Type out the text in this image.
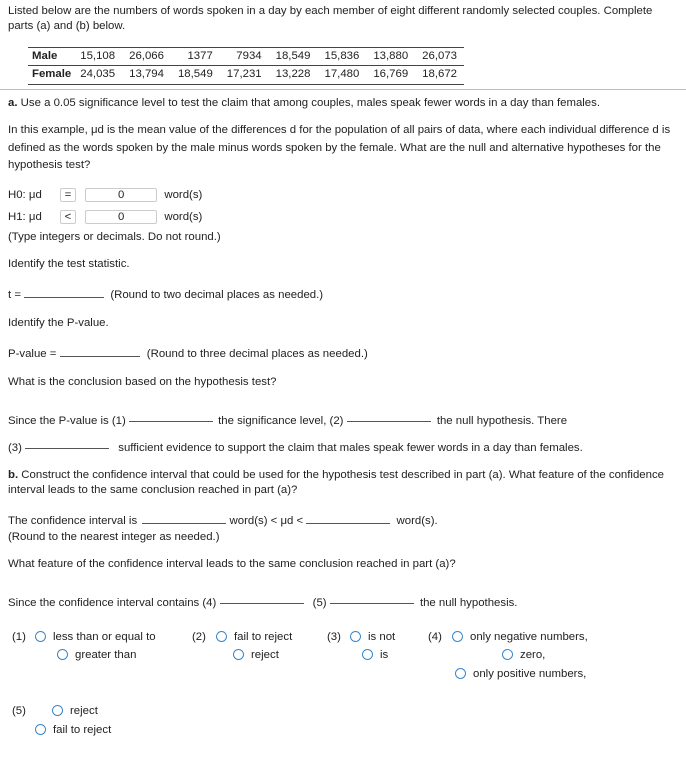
Listed below are the numbers of words spoken in a day by each member of eight different randomly selected couples. Complete parts (a) and (b) below.
Male	15,108	26,066	1377	7934	18,549	15,836	13,880	26,073
Female	24,035	13,794	18,549	17,231	13,228	17,480	16,769	18,672
a. Use a 0.05 significance level to test the claim that among couples, males speak fewer words in a day than females.
In this example, μd is the mean value of the differences d for the population of all pairs of data, where each individual difference d is defined as the words spoken by the male minus words spoken by the female. What are the null and alternative hypotheses for the hypothesis test?
H0: μd =	0	word(s)
H1: μd <	0	word(s)
(Type integers or decimals. Do not round.)
Identify the test statistic.
t =	(Round to two decimal places as needed.)
Identify the P-value.
P-value =	(Round to three decimal places as needed.)
What is the conclusion based on the hypothesis test?
Since the P-value is (1)	the significance level, (2)	the null hypothesis. There
(3)	sufficient evidence to support the claim that males speak fewer words in a day than females.
b. Construct the confidence interval that could be used for the hypothesis test described in part (a). What feature of the confidence interval leads to the same conclusion reached in part (a)?
The confidence interval is	word(s) < μd <	word(s).
(Round to the nearest integer as needed.)
What feature of the confidence interval leads to the same conclusion reached in part (a)?
Since the confidence interval contains (4)	(5)	the null hypothesis.
(1)	less than or equal to
greater than
(2)	fail to reject
reject
(3)	is not
is
(4)	only negative numbers,
zero,
only positive numbers,
(5)	reject
fail to reject
